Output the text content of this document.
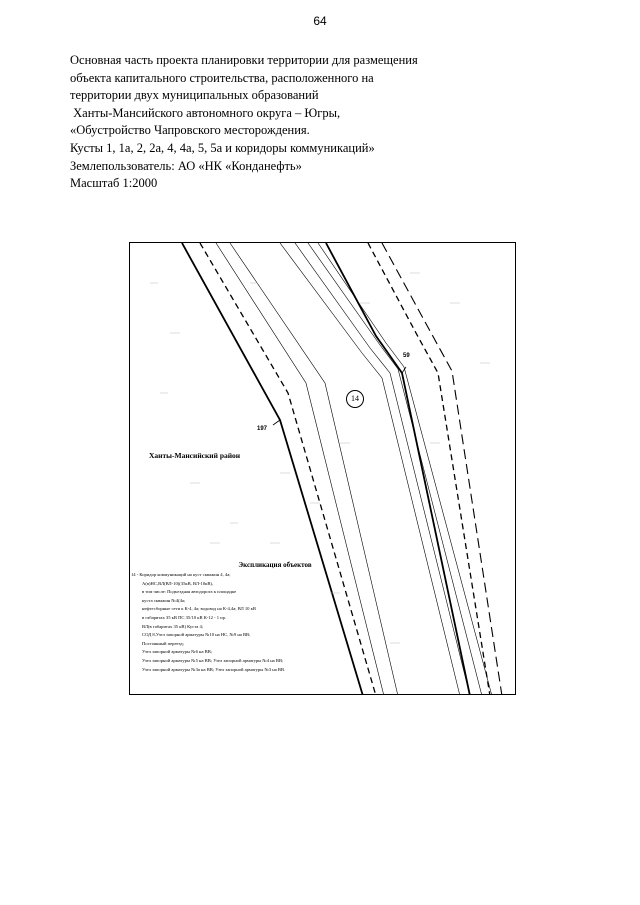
64
Основная часть проекта планировки территории для размещения
объекта капитального строительства, расположенного на
территории двух муниципальных образований
Ханты-Мансийского автономного округа – Югры,
«Обустройство Чапровского месторождения.
Кусты 1, 1а, 2, 2а, 4, 4а, 5, 5а и коридоры коммуникаций»
Землепользователь: АО «НК «Конданефть»
Масштаб 1:2000
197
59
14
Ханты-Мансийский район
Экспликация объектов
14 - Коридор коммуникаций на куст скважин 4, 4а;
А(в)НС,ВЛ(ВЛ-10)(35кВ, ВЛ-10кВ),
в том числе: Подъездная автодорога к площадке
куста скважин №4(4а;
нефтесборные сети к К-4, 4а; водовод на К-4,4а; ВЛ 10 кВ
в габаритах 35 кВ ПС 35/10 кВ К-12 - 1 пр.
ВЛ(в габаритах 35 кВ) Куста 4;
СОД 8,Узел запорной арматуры №10 на НС, №9 на ВВ;
Постоянный переезд;
Узел запорной арматуры №6 на ВВ;
Узел запорной арматуры №5 на ВВ; Узел запорной арматуры №4 на ВВ;
Узел запорной арматуры №3а на ВВ; Узел запорной арматуры №3 на ВВ.
